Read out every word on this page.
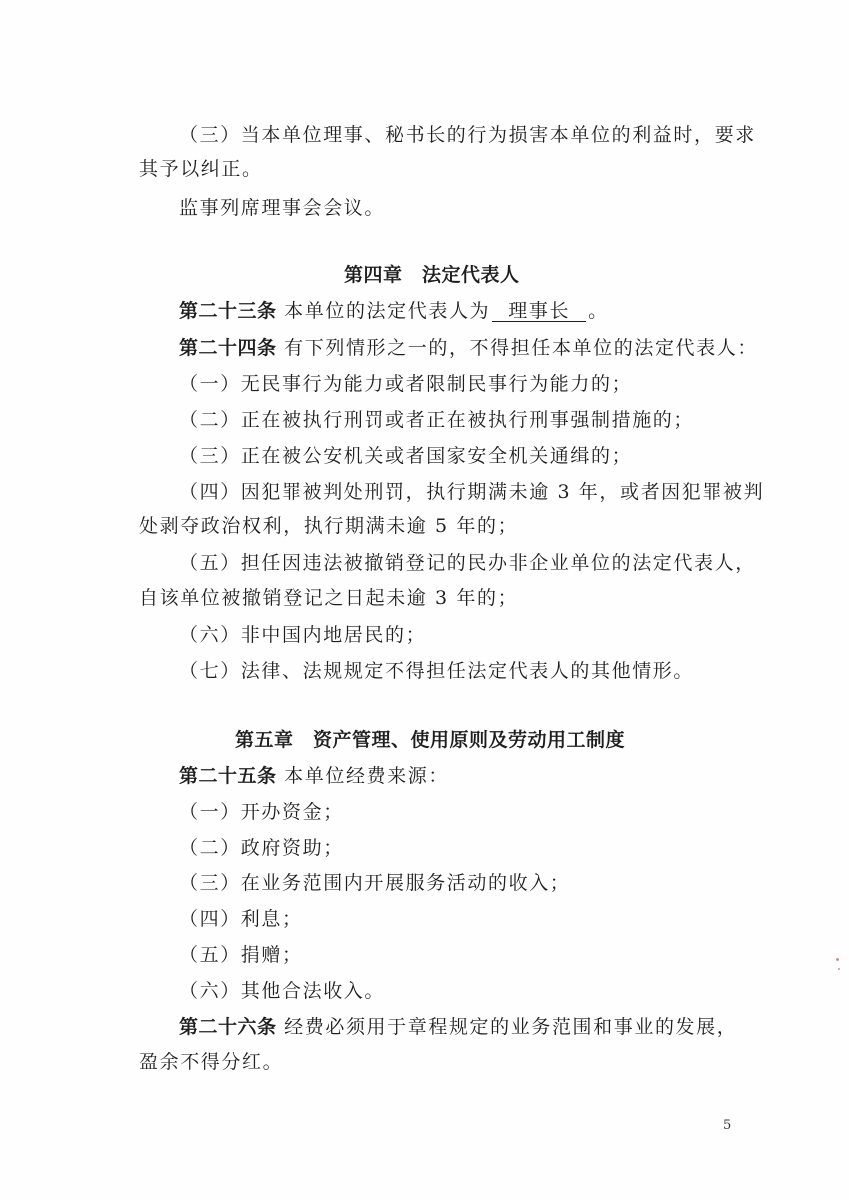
（三）当本单位理事、秘书长的行为损害本单位的利益时，要求
其予以纠正。
监事列席理事会会议。
第四章　法定代表人
第二十三条 本单位的法定代表人为 理事长 。
第二十四条 有下列情形之一的，不得担任本单位的法定代表人：
（一）无民事行为能力或者限制民事行为能力的；
（二）正在被执行刑罚或者正在被执行刑事强制措施的；
（三）正在被公安机关或者国家安全机关通缉的；
（四）因犯罪被判处刑罚，执行期满未逾 3 年，或者因犯罪被判
处剥夺政治权利，执行期满未逾 5 年的；
（五）担任因违法被撤销登记的民办非企业单位的法定代表人，
自该单位被撤销登记之日起未逾 3 年的；
（六）非中国内地居民的；
（七）法律、法规规定不得担任法定代表人的其他情形。
第五章　资产管理、使用原则及劳动用工制度
第二十五条 本单位经费来源：
（一）开办资金；
（二）政府资助；
（三）在业务范围内开展服务活动的收入；
（四）利息；
（五）捐赠；
（六）其他合法收入。
第二十六条 经费必须用于章程规定的业务范围和事业的发展，
盈余不得分红。
5
